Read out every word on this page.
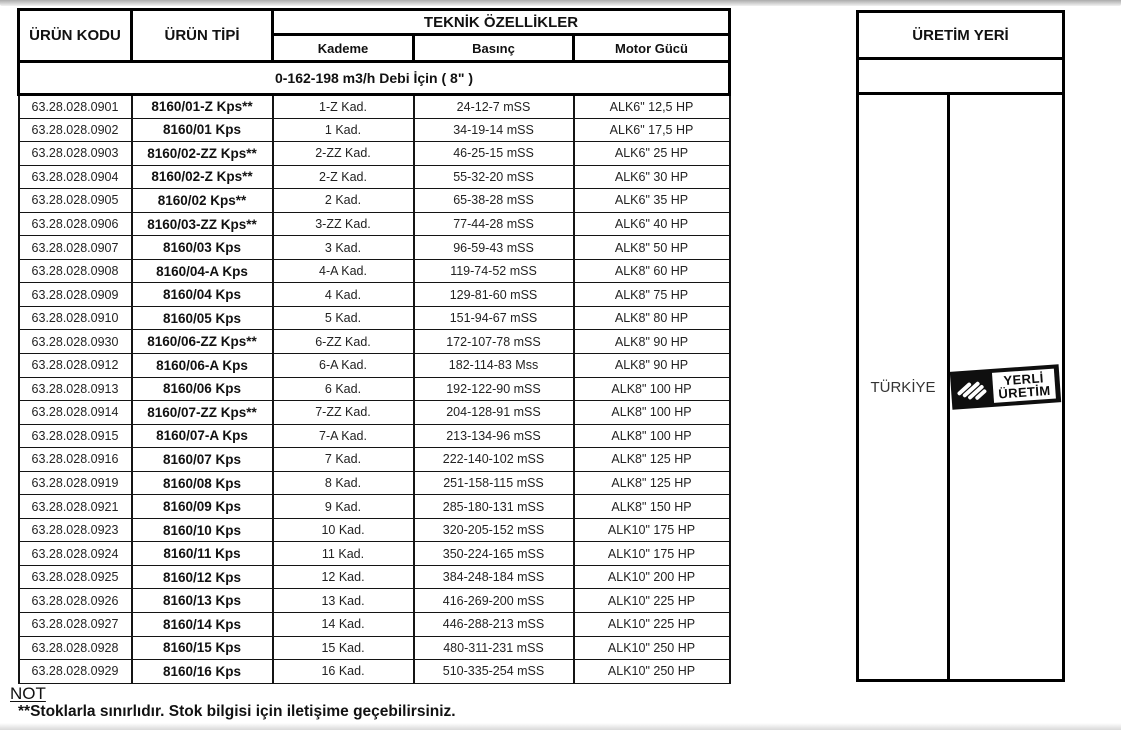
ÜRÜN KODU	ÜRÜN TİPİ	TEKNİK ÖZELLİKLER		
		Kademe	Basınç	Motor Gücü
0-162-198 m3/h Debi İçin ( 8" )				
63.28.028.0901	8160/01-Z Kps**	1-Z Kad.	24-12-7 mSS	ALK6" 12,5 HP
63.28.028.0902	8160/01 Kps	1 Kad.	34-19-14 mSS	ALK6" 17,5 HP
63.28.028.0903	8160/02-ZZ Kps**	2-ZZ Kad.	46-25-15 mSS	ALK6" 25 HP
63.28.028.0904	8160/02-Z Kps**	2-Z Kad.	55-32-20 mSS	ALK6" 30 HP
63.28.028.0905	8160/02 Kps**	2 Kad.	65-38-28 mSS	ALK6" 35 HP
63.28.028.0906	8160/03-ZZ Kps**	3-ZZ Kad.	77-44-28 mSS	ALK6" 40 HP
63.28.028.0907	8160/03 Kps	3 Kad.	96-59-43 mSS	ALK8" 50 HP
63.28.028.0908	8160/04-A Kps	4-A Kad.	119-74-52 mSS	ALK8" 60 HP
63.28.028.0909	8160/04 Kps	4 Kad.	129-81-60 mSS	ALK8" 75 HP
63.28.028.0910	8160/05 Kps	5 Kad.	151-94-67 mSS	ALK8" 80 HP
63.28.028.0930	8160/06-ZZ Kps**	6-ZZ Kad.	172-107-78 mSS	ALK8" 90 HP
63.28.028.0912	8160/06-A Kps	6-A Kad.	182-114-83 Mss	ALK8" 90 HP
63.28.028.0913	8160/06 Kps	6 Kad.	192-122-90 mSS	ALK8" 100 HP
63.28.028.0914	8160/07-ZZ Kps**	7-ZZ Kad.	204-128-91 mSS	ALK8" 100 HP
63.28.028.0915	8160/07-A Kps	7-A Kad.	213-134-96 mSS	ALK8" 100 HP
63.28.028.0916	8160/07 Kps	7 Kad.	222-140-102 mSS	ALK8" 125 HP
63.28.028.0919	8160/08 Kps	8 Kad.	251-158-115 mSS	ALK8" 125 HP
63.28.028.0921	8160/09 Kps	9 Kad.	285-180-131 mSS	ALK8" 150 HP
63.28.028.0923	8160/10 Kps	10 Kad.	320-205-152 mSS	ALK10" 175 HP
63.28.028.0924	8160/11 Kps	11 Kad.	350-224-165 mSS	ALK10" 175 HP
63.28.028.0925	8160/12 Kps	12 Kad.	384-248-184 mSS	ALK10" 200 HP
63.28.028.0926	8160/13 Kps	13 Kad.	416-269-200 mSS	ALK10" 225 HP
63.28.028.0927	8160/14 Kps	14 Kad.	446-288-213 mSS	ALK10" 225 HP
63.28.028.0928	8160/15 Kps	15 Kad.	480-311-231 mSS	ALK10" 250 HP
63.28.028.0929	8160/16 Kps	16 Kad.	510-335-254 mSS	ALK10" 250 HP
ÜRETİM YERİ
TÜRKİYE	YERLİ
ÜRETİM
NOT
**Stoklarla sınırlıdır. Stok bilgisi için iletişime geçebilirsiniz.
